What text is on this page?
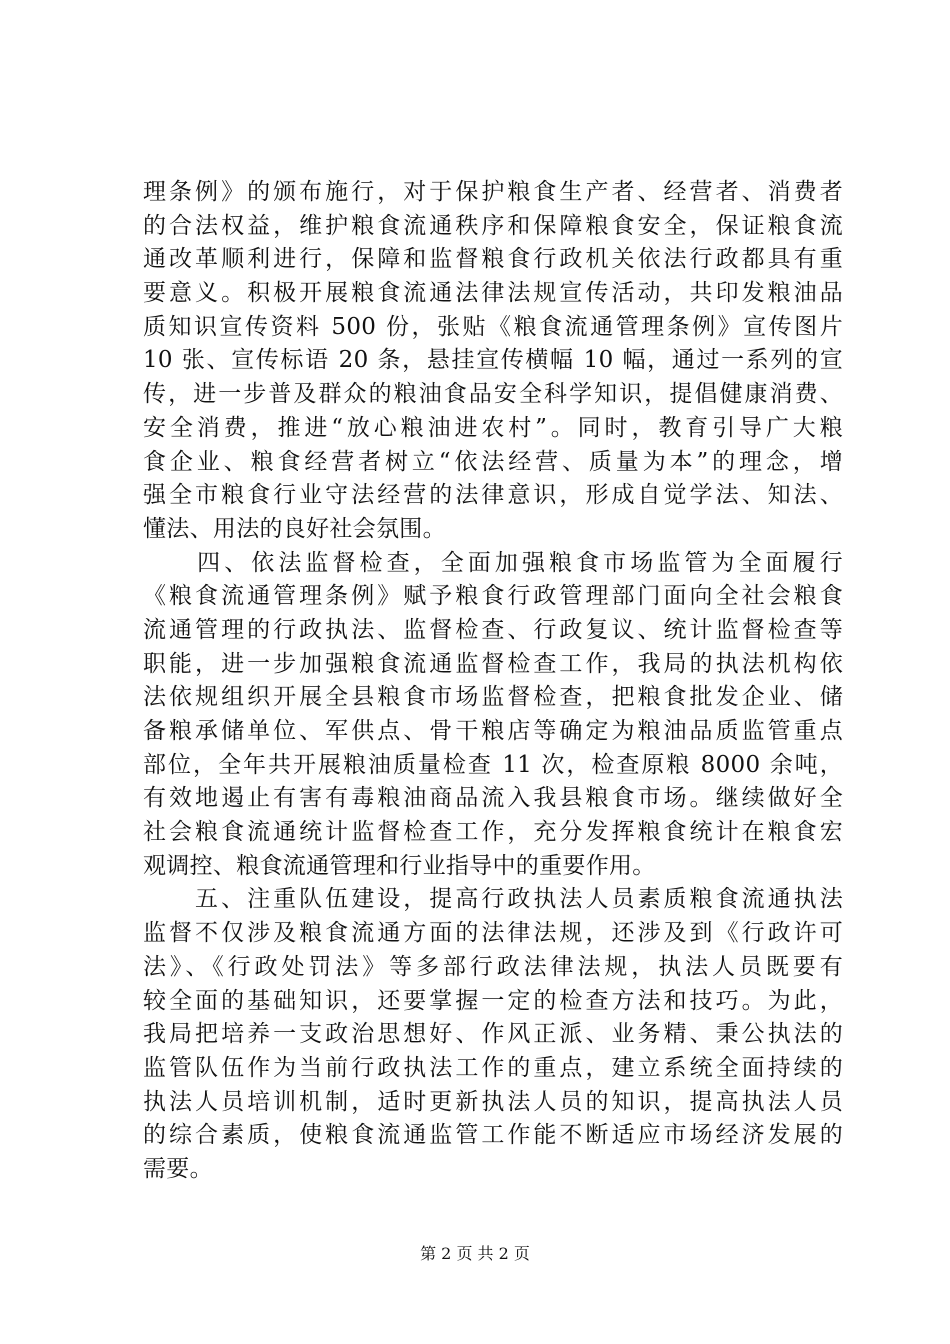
理条例》的颁布施行，对于保护粮食生产者、经营者、消费者
的合法权益，维护粮食流通秩序和保障粮食安全，保证粮食流
通改革顺利进行，保障和监督粮食行政机关依法行政都具有重
要意义。积极开展粮食流通法律法规宣传活动，共印发粮油品
质知识宣传资料 500 份，张贴《粮食流通管理条例》宣传图片
10 张、宣传标语 20 条，悬挂宣传横幅 10 幅，通过一系列的宣
传，进一步普及群众的粮油食品安全科学知识，提倡健康消费、
安全消费，推进“放心粮油进农村”。同时，教育引导广大粮
食企业、粮食经营者树立“依法经营、质量为本”的理念，增
强全市粮食行业守法经营的法律意识，形成自觉学法、知法、
懂法、用法的良好社会氛围。
　　四、依法监督检查，全面加强粮食市场监管为全面履行
《粮食流通管理条例》赋予粮食行政管理部门面向全社会粮食
流通管理的行政执法、监督检查、行政复议、统计监督检查等
职能，进一步加强粮食流通监督检查工作，我局的执法机构依
法依规组织开展全县粮食市场监督检查，把粮食批发企业、储
备粮承储单位、军供点、骨干粮店等确定为粮油品质监管重点
部位，全年共开展粮油质量检查 11 次，检查原粮 8000 余吨，
有效地遏止有害有毒粮油商品流入我县粮食市场。继续做好全
社会粮食流通统计监督检查工作，充分发挥粮食统计在粮食宏
观调控、粮食流通管理和行业指导中的重要作用。
　　五、注重队伍建设，提高行政执法人员素质粮食流通执法
监督不仅涉及粮食流通方面的法律法规，还涉及到《行政许可
法》、《行政处罚法》等多部行政法律法规，执法人员既要有
较全面的基础知识，还要掌握一定的检查方法和技巧。为此，
我局把培养一支政治思想好、作风正派、业务精、秉公执法的
监管队伍作为当前行政执法工作的重点，建立系统全面持续的
执法人员培训机制，适时更新执法人员的知识，提高执法人员
的综合素质，使粮食流通监管工作能不断适应市场经济发展的
需要。
第 2 页 共 2 页
